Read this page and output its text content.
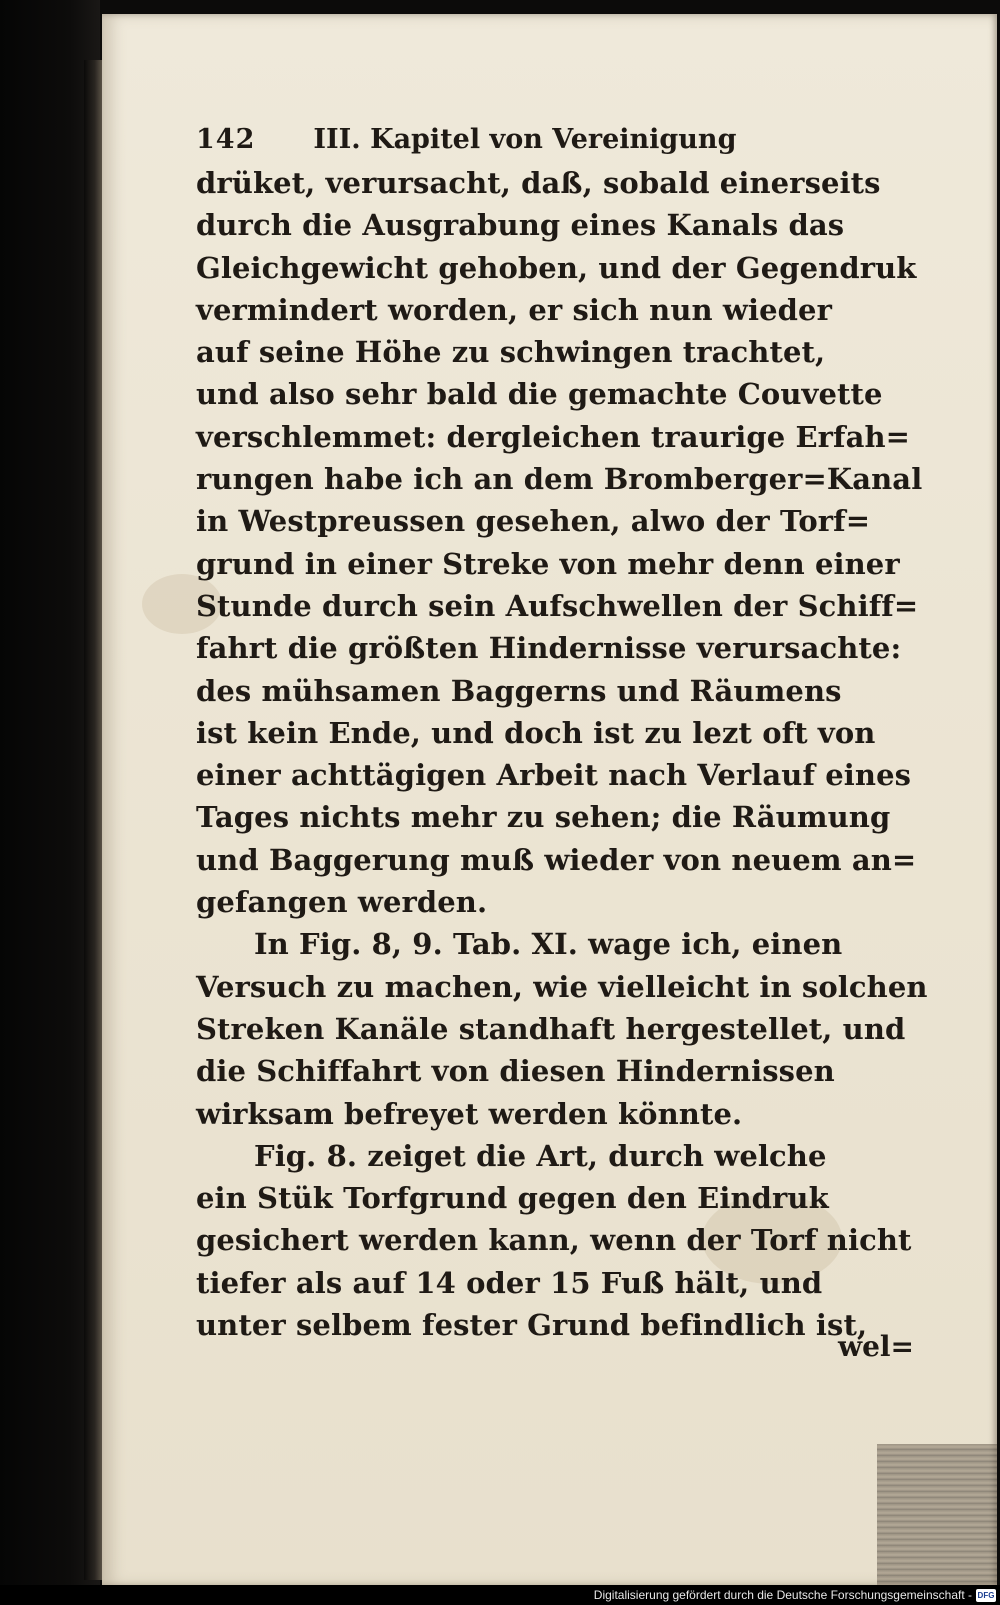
142 III. Kapitel von Vereinigung
drüket, verursacht, daß, sobald einerseits
durch die Ausgrabung eines Kanals das
Gleichgewicht gehoben, und der Gegendruk
vermindert worden, er sich nun wieder
auf seine Höhe zu schwingen trachtet,
und also sehr bald die gemachte Couvette
verschlemmet: dergleichen traurige Erfah=
rungen habe ich an dem Bromberger=Kanal
in Westpreussen gesehen, alwo der Torf=
grund in einer Streke von mehr denn einer
Stunde durch sein Aufschwellen der Schiff=
fahrt die größten Hindernisse verursachte:
des mühsamen Baggerns und Räumens
ist kein Ende, und doch ist zu lezt oft von
einer achttägigen Arbeit nach Verlauf eines
Tages nichts mehr zu sehen; die Räumung
und Baggerung muß wieder von neuem an=
gefangen werden.
In Fig. 8, 9. Tab. XI. wage ich, einen
Versuch zu machen, wie vielleicht in solchen
Streken Kanäle standhaft hergestellet, und
die Schiffahrt von diesen Hindernissen
wirksam befreyet werden könnte.
Fig. 8. zeiget die Art, durch welche
ein Stük Torfgrund gegen den Eindruk
gesichert werden kann, wenn der Torf nicht
tiefer als auf 14 oder 15 Fuß hält, und
unter selbem fester Grund befindlich ist,
wel=
Digitalisierung gefördert durch die Deutsche Forschungsgemeinschaft - DFG
